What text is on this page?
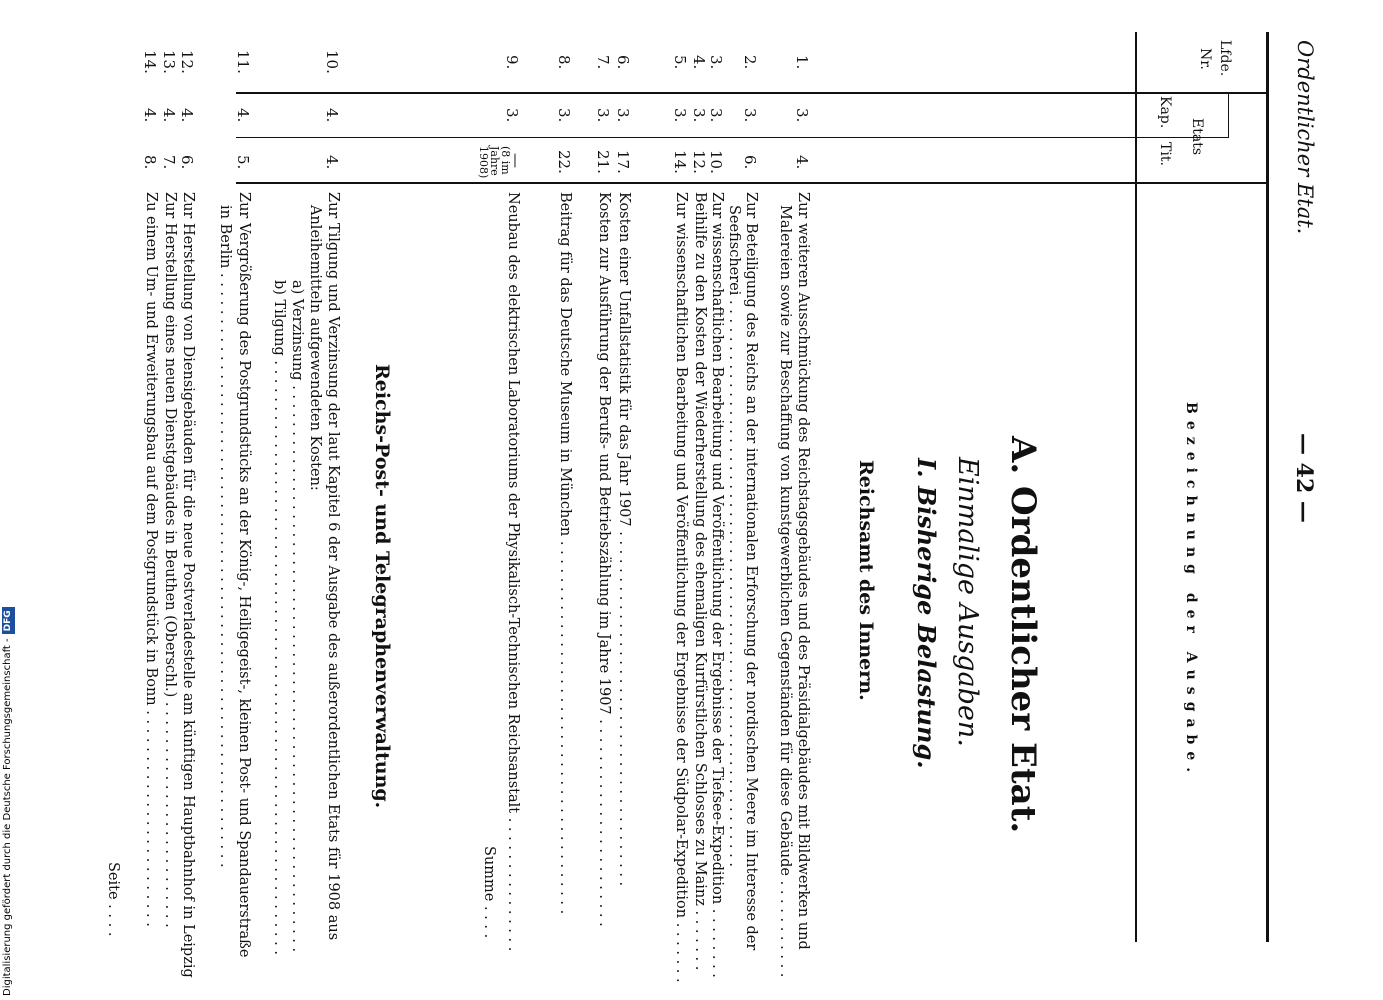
Ordentlicher Etat.
— 42 —
Lfde.
Nr.
Etats
Kap.
Tit.
Bezeichnung der Ausgabe.
A. Ordentlicher Etat.
Einmalige Ausgaben.
I. Bisherige Belastung.
Reichsamt des Innern.
1.
3.
4.
Zur weiteren Ausschmückung des Reichstagsgebäudes und des Präsidialgebäudes mit Bildwerken und
Malereien sowie zur Beschaffung von kunstgewerblichen Gegenständen für diese Gebäude . . . . . . . . . . .
2.
3.
6.
Zur Beteiligung des Reichs an der internationalen Erforschung der nordischen Meere im Interesse der
Seefischerei . . . . . . . . . . . . . . . . . . . . . . . . . . . . . . . . . . . . . . . . . . . . . . . . . . . . . . . . . . . . . .
3.
3.
10.
Zur wissenschaftlichen Bearbeitung und Veröffentlichung der Ergebnisse der Tiefsee-Expedition . . . . . . . .
4.
3.
12.
Beihilfe zu den Kosten der Wiederherstellung des ehemaligen Kurfürstlichen Schlosses zu Mainz . . . . . . .
5.
3.
14.
Zur wissenschaftlichen Bearbeitung und Veröffentlichung der Ergebnisse der Südpolar-Expedition . . . . . . .
6.
3.
17.
Kosten einer Unfallstatistik für das Jahr 1907 . . . . . . . . . . . . . . . . . . . . . . . . . . . . . . . . . . . . . . .
7.
3.
21.
Kosten zur Ausführung der Berufs- und Betriebszählung im Jahre 1907 . . . . . . . . . . . . . . . . . . . . . . .
8.
3.
22.
Beitrag für das Deutsche Museum in München . . . . . . . . . . . . . . . . . . . . . . . . . . . . . . . . . . . . . . . . .
9.
3.
—
(8 im
Jahre
1908)
Neubau des elektrischen Laboratoriums der Physikalisch-Technischen Reichsanstalt . . . . . . . . . . . . . . .
Summe . . . .
Reichs-Post- und Telegraphenverwaltung.
10.
4.
4.
Zur Tilgung und Verzinsung der laut Kapitel 6 der Ausgabe des außerordentlichen Etats für 1908 aus
Anleihemitteln aufgewendeten Kosten:
a) Verzinsung . . . . . . . . . . . . . . . . . . . . . . . . . . . . . . . . . . . . . . . . . . . . . . . . . . . . . . . . . . . . . .
b) Tilgung . . . . . . . . . . . . . . . . . . . . . . . . . . . . . . . . . . . . . . . . . . . . . . . . . . . . . . . . . . . . . . . . .
11.
4.
5.
Zur Vergrößerung des Postgrundstücks an der König-, Heiligegeist-, kleinen Post- und Spandauerstraße
in Berlin . . . . . . . . . . . . . . . . . . . . . . . . . . . . . . . . . . . . . . . . . . . . . . . . . . . . . . . . . . . . . . . . .
12.
4.
6.
Zur Herstellung von Diensigebäuden für die neue Postverladestelle am künftigen Hauptbahnhof in Leipzig
13.
4.
7.
Zur Herstellung eines neuen Dienstgebäudes in Beuthen (Oberschl.) . . . . . . . . . . . . . . . . . . . . . . . . .
14.
4.
8.
Zu einem Um- und Erweiterungsbau auf dem Postgrundstück in Bonn . . . . . . . . . . . . . . . . . . . . . . . .
Seite . . . .
Digitalisierung gefördert durch die Deutsche Forschungsgemeinschaft -DFG
